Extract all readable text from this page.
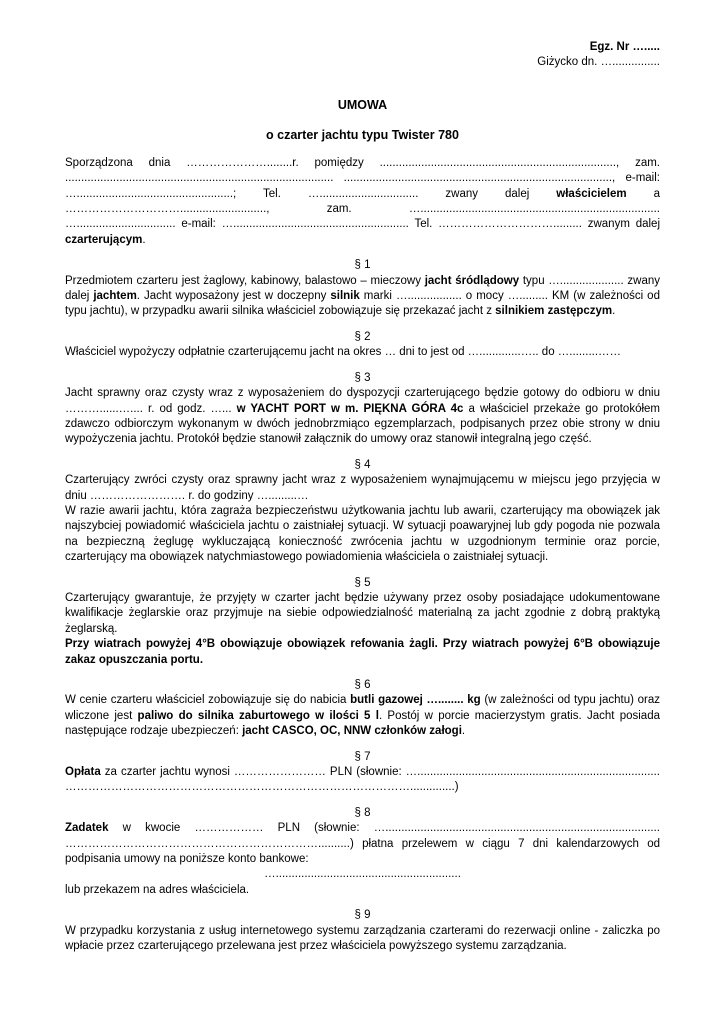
Egz. Nr ….....
Giżycko dn. …...............
UMOWA
o czarter jachtu typu Twister 780

Sporządzona dnia …………………........r. pomiędzy .........................................................................., zam. .................................................................................... ...................................................................................., e-mail: ….................................................; Tel. …............................... zwany dalej właścicielem a …………………………..........................., zam. …........................................................................... …............................... e-mail: …....................................................... Tel. …………………………......... zwanym dalej czarterującym.

§ 1

Przedmiotem czarteru jest żaglowy, kabinowy, balastowo – mieczowy jacht śródlądowy typu ….................... zwany dalej jachtem. Jacht wyposażony jest w doczepny silnik marki …................. o mocy …......... KM (w zależności od typu jachtu), w przypadku awarii silnika właściciel zobowiązuje się przekazać jacht z silnikiem zastępczym.

§ 2

Właściciel wypożyczy odpłatnie czarterującemu jacht na okres … dni to jest od ….............….. do ….........……

§ 3

Jacht sprawny oraz czysty wraz z wyposażeniem do dyspozycji czarterującego będzie gotowy do odbioru w dniu ………......….... r. od godz. …... w YACHT PORT w m. PIĘKNA GÓRA 4c a właściciel przekaże go protokółem zdawczo odbiorczym wykonanym w dwóch jednobrzmiąco egzemplarzach, podpisanych przez obie strony w dniu wypożyczenia jachtu. Protokół będzie stanowił załącznik do umowy oraz stanowił integralną jego część.

§ 4

Czarterujący zwróci czysty oraz sprawny jacht wraz z wyposażeniem wynajmującemu w miejscu jego przyjęcia w dniu ……………………. r. do godziny ….........…

W razie awarii jachtu, która zagraża bezpieczeństwu użytkowania jachtu lub awarii, czarterujący ma obowiązek jak najszybciej powiadomić właściciela jachtu o zaistniałej sytuacji. W sytuacji poawaryjnej lub gdy pogoda nie pozwala na bezpieczną żeglugę wykluczającą konieczność zwrócenia jachtu w uzgodnionym terminie oraz porcie, czarterujący ma obowiązek natychmiastowego powiadomienia właściciela o zaistniałej sytuacji.

§ 5

Czarterujący gwarantuje, że przyjęty w czarter jacht będzie używany przez osoby posiadające udokumentowane kwalifikacje żeglarskie oraz przyjmuje na siebie odpowiedzialność materialną za jacht zgodnie z dobrą praktyką żeglarską.

Przy wiatrach powyżej 4°B obowiązuje obowiązek refowania żagli. Przy wiatrach powyżej 6°B obowiązuje zakaz opuszczania portu.

§ 6

W cenie czarteru właściciel zobowiązuje się do nabicia butli gazowej …........ kg (w zależności od typu jachtu) oraz wliczone jest paliwo do silnika zaburtowego w ilości 5 l. Postój w porcie macierzystym gratis. Jacht posiada następujące rodzaje ubezpieczeń: jacht CASCO, OC, NNW członków załogi.

§ 7

Opłata za czarter jachtu wynosi …………………… PLN (słownie: …............................................................................ ………………………………………………………………………………..............)

§ 8

Zadatek w kwocie ……………… PLN (słownie: …...................................................................................... …………………………………………………………..........) płatna przelewem w ciągu 7 dni kalendarzowych od podpisania umowy na poniższe konto bankowe:

…..........................................................

lub przekazem na adres właściciela.

§ 9

W przypadku korzystania z usług internetowego systemu zarządzania czarterami do rezerwacji online - zaliczka po wpłacie przez czarterującego przelewana jest przez właściciela powyższego systemu zarządzania.
